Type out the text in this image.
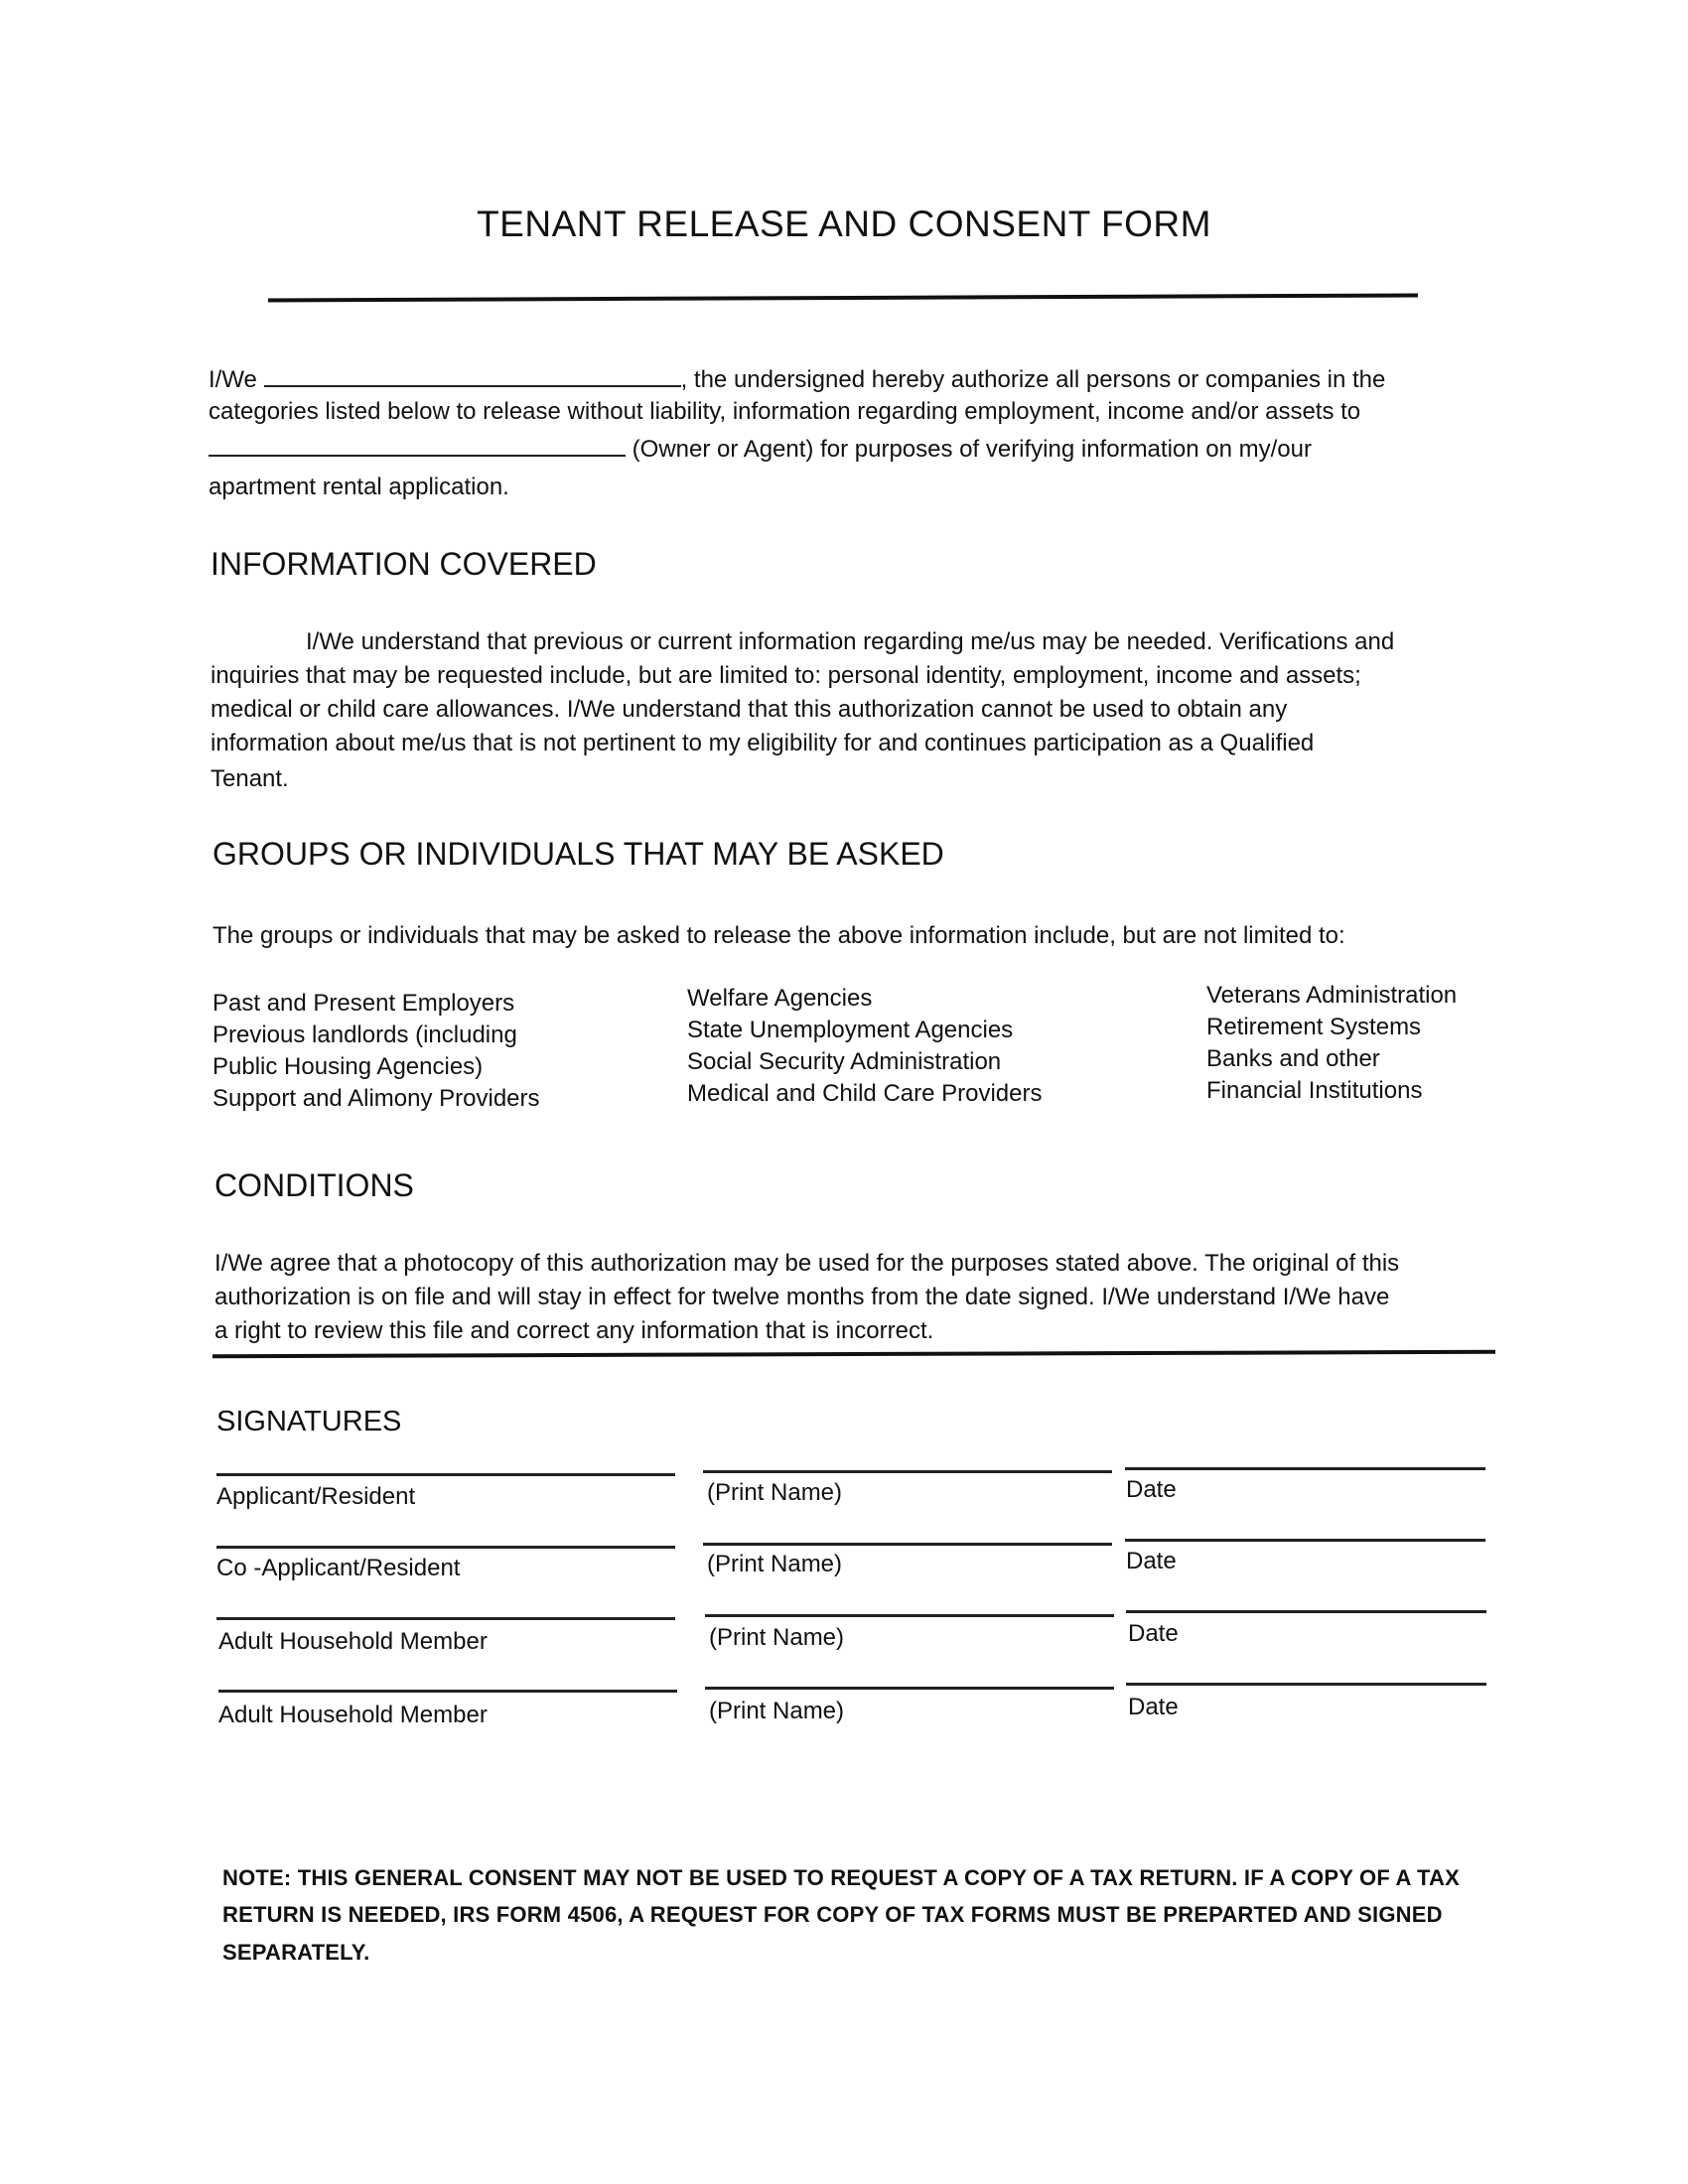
TENANT RELEASE AND CONSENT FORM
I/We	, the undersigned hereby authorize all persons or companies in the
categories listed below to release without liability, information regarding employment, income and/or assets to
(Owner or Agent) for purposes of verifying information on my/our
apartment rental application.
INFORMATION COVERED
I/We understand that previous or current information regarding me/us may be needed. Verifications and
inquiries that may be requested include, but are limited to: personal identity, employment, income and assets;
medical or child care allowances. I/We understand that this authorization cannot be used to obtain any
information about me/us that is not pertinent to my eligibility for and continues participation as a Qualified
Tenant.
GROUPS OR INDIVIDUALS THAT MAY BE ASKED
The groups or individuals that may be asked to release the above information include, but are not limited to:
Past and Present Employers
Previous landlords (including
Public Housing Agencies)
Support and Alimony Providers
Welfare Agencies
State Unemployment Agencies
Social Security Administration
Medical and Child Care Providers
Veterans Administration
Retirement Systems
Banks and other
Financial Institutions
CONDITIONS
I/We agree that a photocopy of this authorization may be used for the purposes stated above. The original of this
authorization is on file and will stay in effect for twelve months from the date signed. I/We understand I/We have
a right to review this file and correct any information that is incorrect.
SIGNATURES
Applicant/Resident	(Print Name)	Date
Co -Applicant/Resident	(Print Name)	Date
Adult Household Member	(Print Name)	Date
Adult Household Member	(Print Name)	Date
NOTE: THIS GENERAL CONSENT MAY NOT BE USED TO REQUEST A COPY OF A TAX RETURN. IF A COPY OF A TAX
RETURN IS NEEDED, IRS FORM 4506, A REQUEST FOR COPY OF TAX FORMS MUST BE PREPARTED AND SIGNED
SEPARATELY.
